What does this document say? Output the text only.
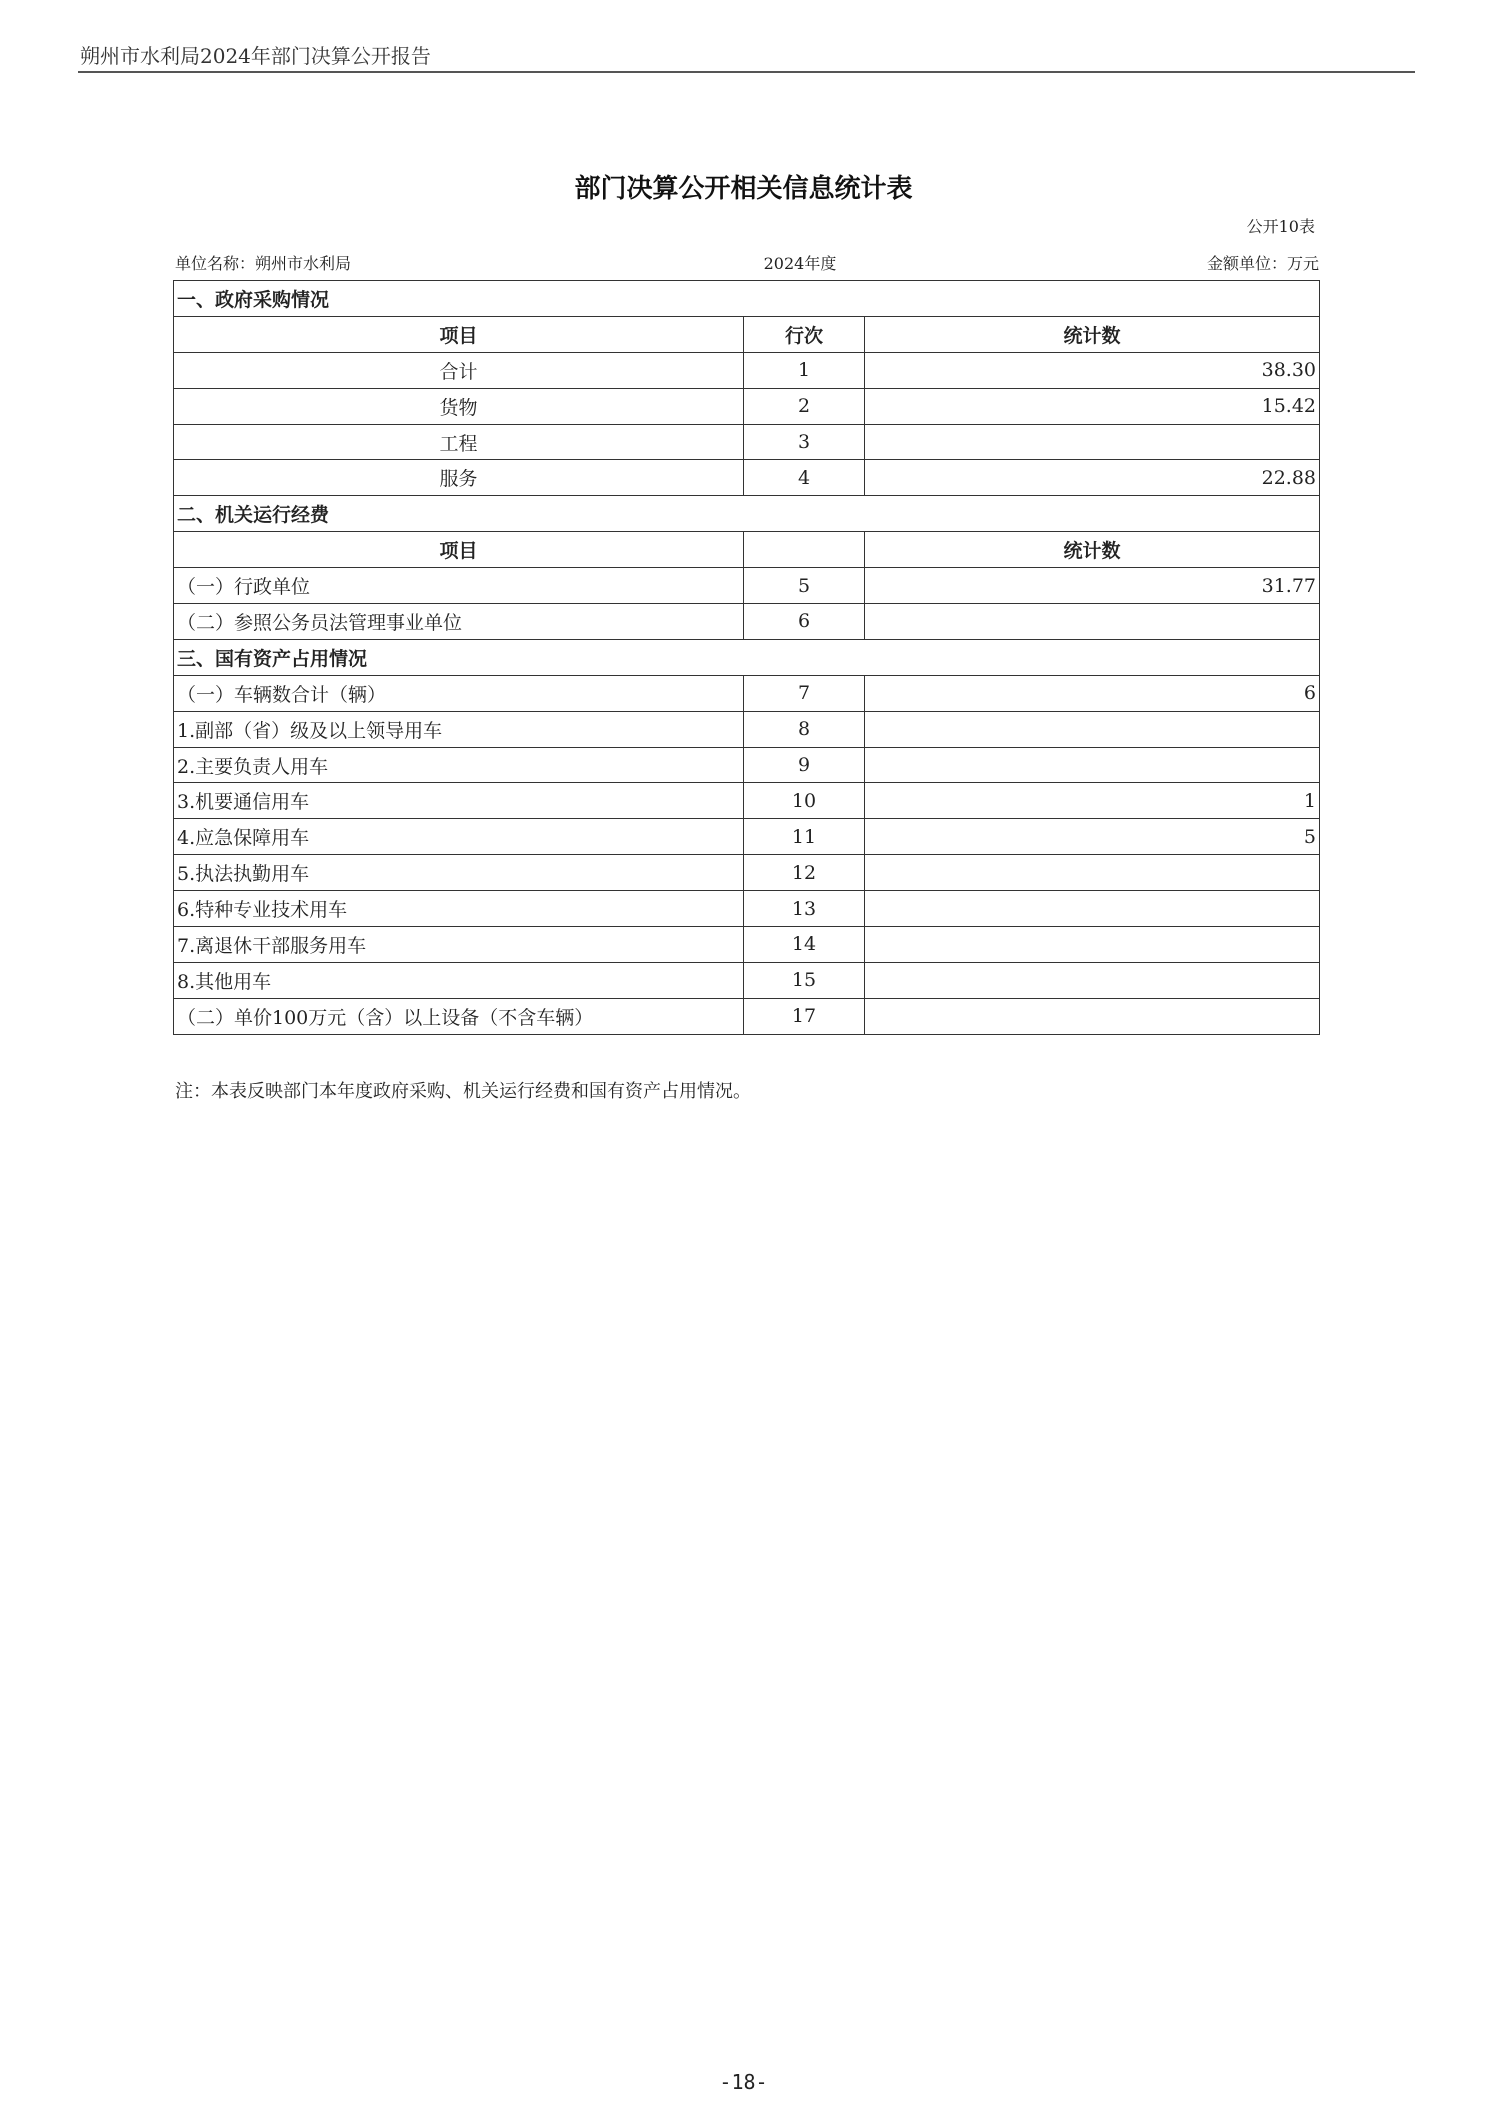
朔州市水利局2024年部门决算公开报告
部门决算公开相关信息统计表
公开10表
单位名称：朔州市水利局	2024年度	金额单位：万元
一、政府采购情况		
项目	行次	统计数
合计	1	38.30
货物	2	15.42
工程	3	
服务	4	22.88
二、机关运行经费		
项目		统计数
（一）行政单位	5	31.77
（二）参照公务员法管理事业单位	6	
三、国有资产占用情况		
（一）车辆数合计（辆）	7	6
1.副部（省）级及以上领导用车	8	
2.主要负责人用车	9	
3.机要通信用车	10	1
4.应急保障用车	11	5
5.执法执勤用车	12	
6.特种专业技术用车	13	
7.离退休干部服务用车	14	
8.其他用车	15	
（二）单价100万元（含）以上设备（不含车辆）	17	
注：本表反映部门本年度政府采购、机关运行经费和国有资产占用情况。
-18-
